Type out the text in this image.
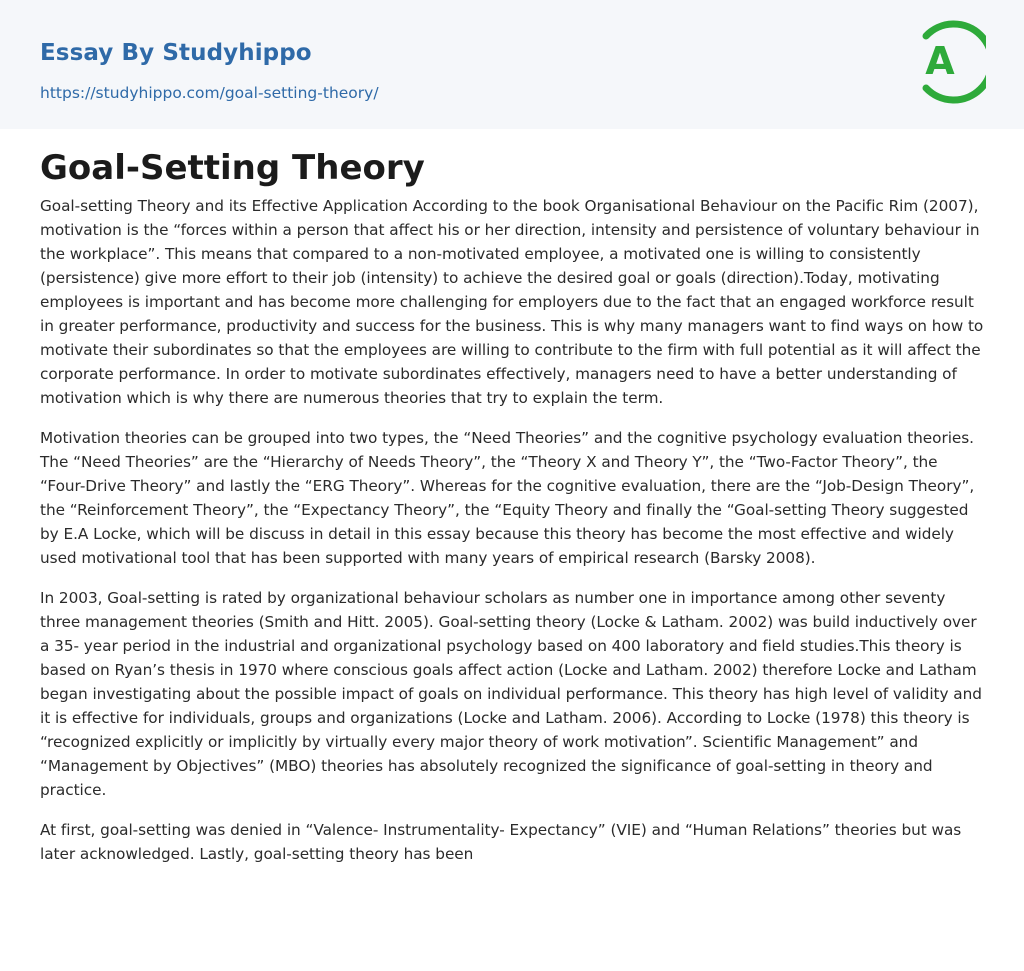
Essay By Studyhippo
https://studyhippo.com/goal-setting-theory/
A
Goal-Setting Theory

Goal-setting Theory and its Effective Application According to the book Organisational Behaviour on the Pacific Rim (2007), motivation is the “forces within a person that affect his or her direction, intensity and persistence of voluntary behaviour in the workplace”. This means that compared to a non-motivated employee, a motivated one is willing to consistently (persistence) give more effort to their job (intensity) to achieve the desired goal or goals (direction).Today, motivating employees is important and has become more challenging for employers due to the fact that an engaged workforce result in greater performance, productivity and success for the business. This is why many managers want to find ways on how to motivate their subordinates so that the employees are willing to contribute to the firm with full potential as it will affect the corporate performance. In order to motivate subordinates effectively, managers need to have a better understanding of motivation which is why there are numerous theories that try to explain the term.

Motivation theories can be grouped into two types, the “Need Theories” and the cognitive psychology evaluation theories. The “Need Theories” are the “Hierarchy of Needs Theory”, the “Theory X and Theory Y”, the “Two-Factor Theory”, the “Four-Drive Theory” and lastly the “ERG Theory”. Whereas for the cognitive evaluation, there are the “Job-Design Theory”, the “Reinforcement Theory”, the “Expectancy Theory”, the “Equity Theory and finally the “Goal-setting Theory suggested by E.A Locke, which will be discuss in detail in this essay because this theory has become the most effective and widely used motivational tool that has been supported with many years of empirical research (Barsky 2008).

In 2003, Goal-setting is rated by organizational behaviour scholars as number one in importance among other seventy three management theories (Smith and Hitt. 2005). Goal-setting theory (Locke & Latham. 2002) was build inductively over a 35- year period in the industrial and organizational psychology based on 400 laboratory and field studies.This theory is based on Ryan’s thesis in 1970 where conscious goals affect action (Locke and Latham. 2002) therefore Locke and Latham began investigating about the possible impact of goals on individual performance. This theory has high level of validity and it is effective for individuals, groups and organizations (Locke and Latham. 2006). According to Locke (1978) this theory is “recognized explicitly or implicitly by virtually every major theory of work motivation”. Scientific Management” and “Management by Objectives” (MBO) theories has absolutely recognized the significance of goal-setting in theory and practice.

At first, goal-setting was denied in “Valence- Instrumentality- Expectancy” (VIE) and “Human Relations” theories but was later acknowledged. Lastly, goal-setting theory has been
